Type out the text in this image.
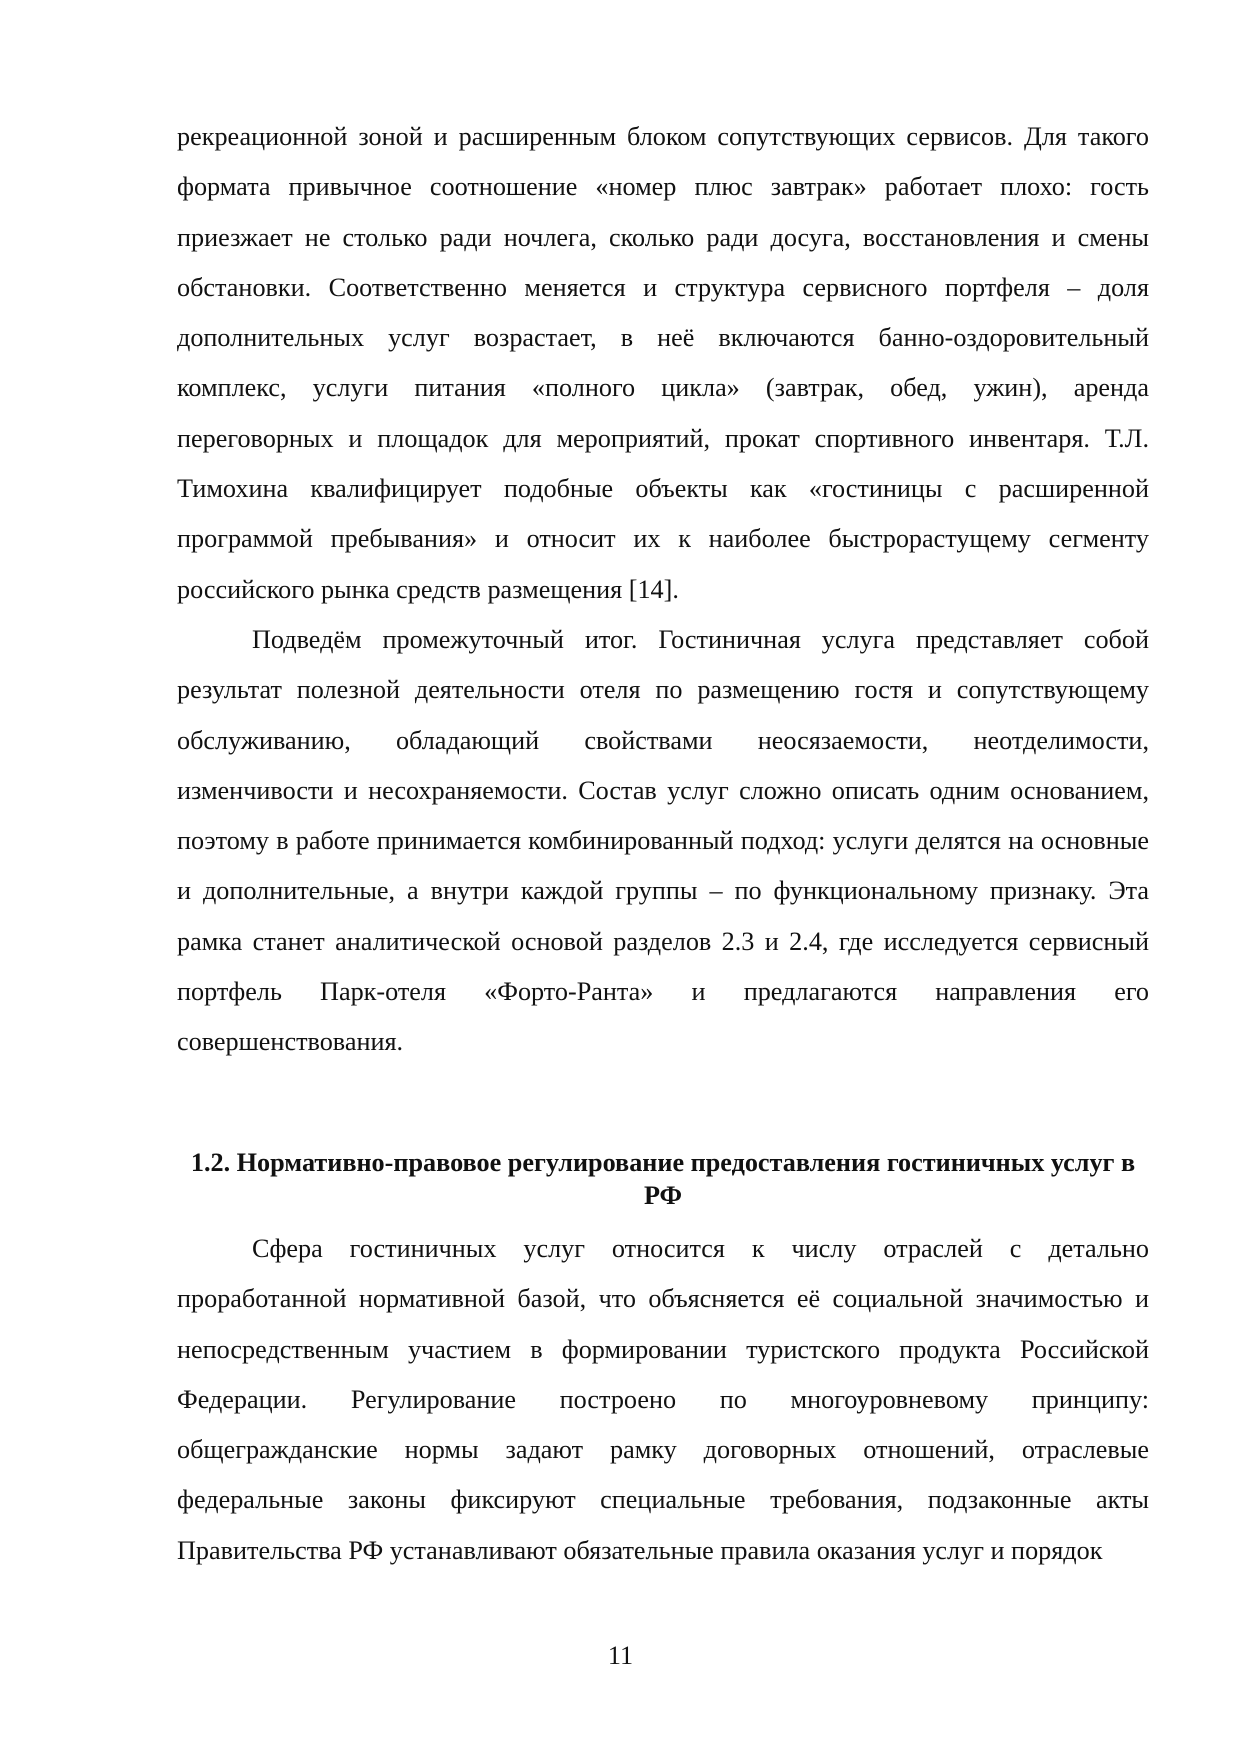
рекреационной зоной и расширенным блоком сопутствующих сервисов. Для такого формата привычное соотношение «номер плюс завтрак» работает плохо: гость приезжает не столько ради ночлега, сколько ради досуга, восстановления и смены обстановки. Соответственно меняется и структура сервисного портфеля – доля дополнительных услуг возрастает, в неё включаются банно-оздоровительный комплекс, услуги питания «полного цикла» (завтрак, обед, ужин), аренда переговорных и площадок для мероприятий, прокат спортивного инвентаря. Т.Л. Тимохина квалифицирует подобные объекты как «гостиницы с расширенной программой пребывания» и относит их к наиболее быстрорастущему сегменту российского рынка средств размещения [14].

Подведём промежуточный итог. Гостиничная услуга представляет собой результат полезной деятельности отеля по размещению гостя и сопутствующему обслуживанию, обладающий свойствами неосязаемости, неотделимости, изменчивости и несохраняемости. Состав услуг сложно описать одним основанием, поэтому в работе принимается комбинированный подход: услуги делятся на основные и дополнительные, а внутри каждой группы – по функциональному признаку. Эта рамка станет аналитической основой разделов 2.3 и 2.4, где исследуется сервисный портфель Парк-отеля «Форто-Ранта» и предлагаются направления его совершенствования.

1.2. Нормативно-правовое регулирование предоставления гостиничных услуг в РФ

Сфера гостиничных услуг относится к числу отраслей с детально проработанной нормативной базой, что объясняется её социальной значимостью и непосредственным участием в формировании туристского продукта Российской Федерации. Регулирование построено по многоуровневому принципу: общегражданские нормы задают рамку договорных отношений, отраслевые федеральные законы фиксируют специальные требования, подзаконные акты Правительства РФ устанавливают обязательные правила оказания услуг и порядок

11
